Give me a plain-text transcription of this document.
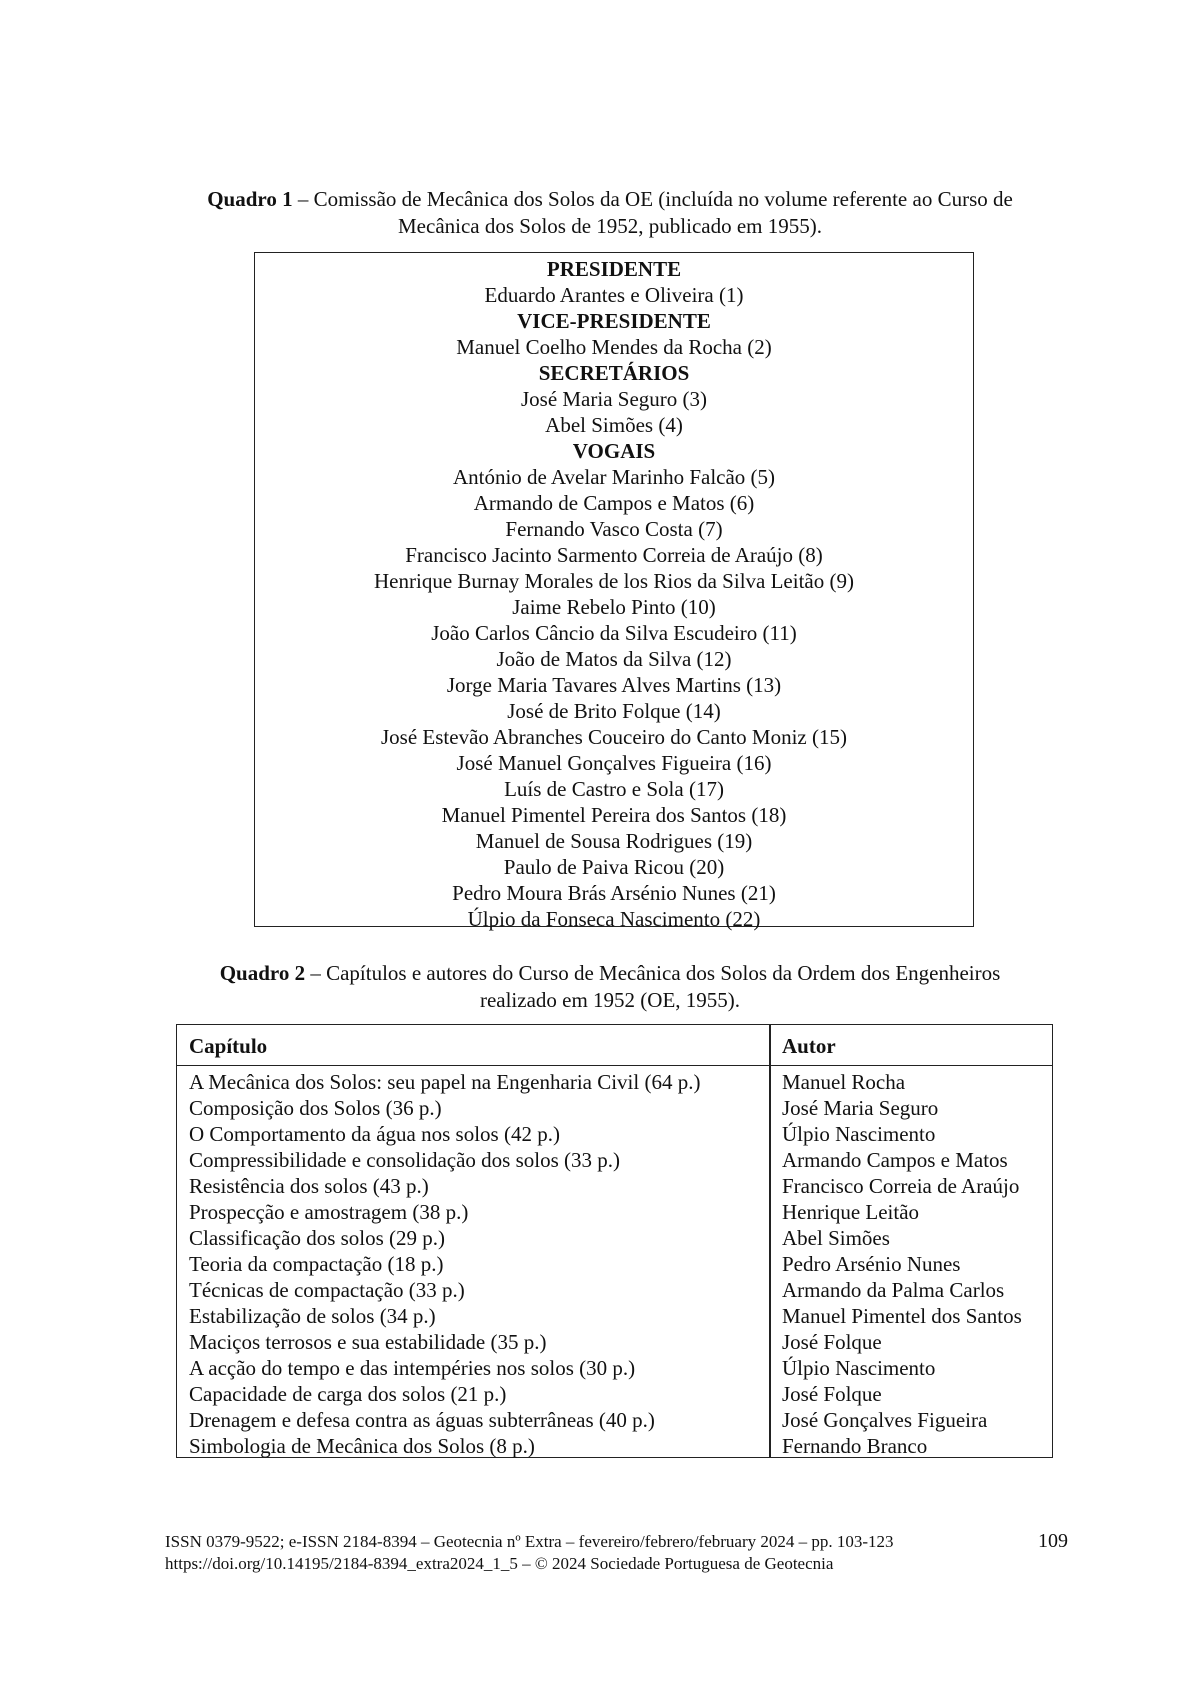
Quadro 1 – Comissão de Mecânica dos Solos da OE (incluída no volume referente ao Curso de
Mecânica dos Solos de 1952, publicado em 1955).
PRESIDENTE
Eduardo Arantes e Oliveira (1)
VICE-PRESIDENTE
Manuel Coelho Mendes da Rocha (2)
SECRETÁRIOS
José Maria Seguro (3)
Abel Simões (4)
VOGAIS
António de Avelar Marinho Falcão (5)
Armando de Campos e Matos (6)
Fernando Vasco Costa (7)
Francisco Jacinto Sarmento Correia de Araújo (8)
Henrique Burnay Morales de los Rios da Silva Leitão (9)
Jaime Rebelo Pinto (10)
João Carlos Câncio da Silva Escudeiro (11)
João de Matos da Silva (12)
Jorge Maria Tavares Alves Martins (13)
José de Brito Folque (14)
José Estevão Abranches Couceiro do Canto Moniz (15)
José Manuel Gonçalves Figueira (16)
Luís de Castro e Sola (17)
Manuel Pimentel Pereira dos Santos (18)
Manuel de Sousa Rodrigues (19)
Paulo de Paiva Ricou (20)
Pedro Moura Brás Arsénio Nunes (21)
Úlpio da Fonseca Nascimento (22)
Quadro 2 – Capítulos e autores do Curso de Mecânica dos Solos da Ordem dos Engenheiros
realizado em 1952 (OE, 1955).
Capítulo	Autor
A Mecânica dos Solos: seu papel na Engenharia Civil (64 p.)	Manuel Rocha
Composição dos Solos (36 p.)	José Maria Seguro
O Comportamento da água nos solos (42 p.)	Úlpio Nascimento
Compressibilidade e consolidação dos solos (33 p.)	Armando Campos e Matos
Resistência dos solos (43 p.)	Francisco Correia de Araújo
Prospecção e amostragem (38 p.)	Henrique Leitão
Classificação dos solos (29 p.)	Abel Simões
Teoria da compactação (18 p.)	Pedro Arsénio Nunes
Técnicas de compactação (33 p.)	Armando da Palma Carlos
Estabilização de solos (34 p.)	Manuel Pimentel dos Santos
Maciços terrosos e sua estabilidade (35 p.)	José Folque
A acção do tempo e das intempéries nos solos (30 p.)	Úlpio Nascimento
Capacidade de carga dos solos (21 p.)	José Folque
Drenagem e defesa contra as águas subterrâneas (40 p.)	José Gonçalves Figueira
Simbologia de Mecânica dos Solos (8 p.)	Fernando Branco
ISSN 0379-9522; e-ISSN 2184-8394 – Geotecnia nº Extra – fevereiro/febrero/february 2024 – pp. 103-123
https://doi.org/10.14195/2184-8394_extra2024_1_5 – © 2024 Sociedade Portuguesa de Geotecnia
109
